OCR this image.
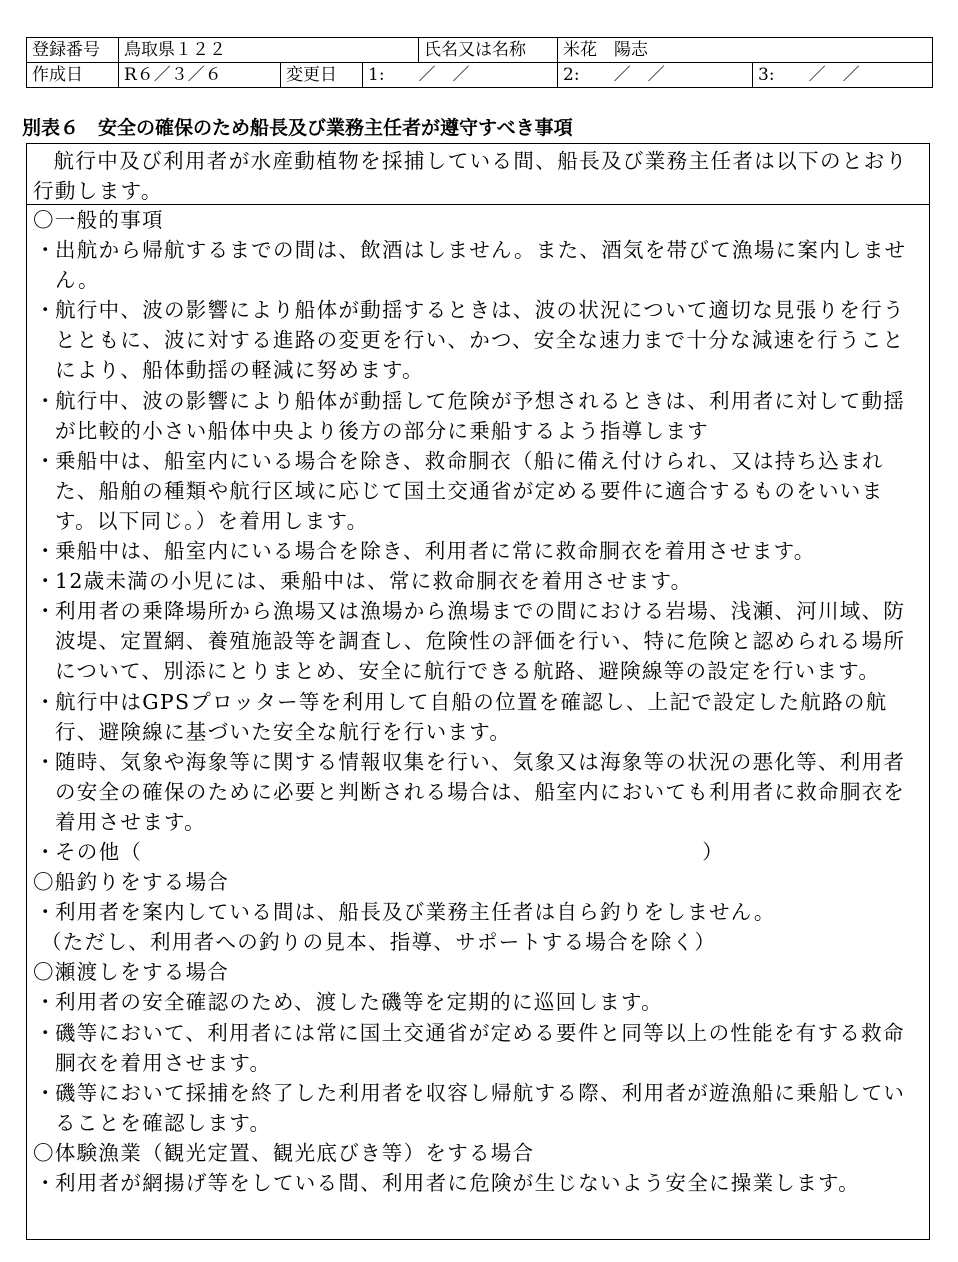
登録番号	鳥取県１２２			氏名又は名称	米花　陽志	
作成日	R６／３／６	変更日	1:　　／　／		2:　　／　／	3:　　／　／
別表６　安全の確保のため船長及び業務主任者が遵守すべき事項

航行中及び利用者が水産動植物を採捕している間、船長及び業務主任者は以下のとおり行動します。

〇一般的事項
・
出航から帰航するまでの間は、飲酒はしません。また、酒気を帯びて漁場に案内しません。
・
航行中、波の影響により船体が動揺するときは、波の状況について適切な見張りを行うとともに、波に対する進路の変更を行い、かつ、安全な速力まで十分な減速を行うことにより、船体動揺の軽減に努めます。
・
航行中、波の影響により船体が動揺して危険が予想されるときは、利用者に対して動揺が比較的小さい船体中央より後方の部分に乗船するよう指導します
・
乗船中は、船室内にいる場合を除き、救命胴衣（船に備え付けられ、又は持ち込まれた、船舶の種類や航行区域に応じて国土交通省が定める要件に適合するものをいいます。以下同じ。）を着用します。
・
乗船中は、船室内にいる場合を除き、利用者に常に救命胴衣を着用させます。
・
12歳未満の小児には、乗船中は、常に救命胴衣を着用させます。
・
利用者の乗降場所から漁場又は漁場から漁場までの間における岩場、浅瀬、河川域、防波堤、定置網、養殖施設等を調査し、危険性の評価を行い、特に危険と認められる場所について、別添にとりまとめ、安全に航行できる航路、避険線等の設定を行います。
・
航行中はGPSプロッター等を利用して自船の位置を確認し、上記で設定した航路の航行、避険線に基づいた安全な航行を行います。
・
随時、気象や海象等に関する情報収集を行い、気象又は海象等の状況の悪化等、利用者の安全の確保のために必要と判断される場合は、船室内においても利用者に救命胴衣を着用させます。
・
その他（	）
〇船釣りをする場合
・
利用者を案内している間は、船長及び業務主任者は自ら釣りをしません。
（ただし、利用者への釣りの見本、指導、サポートする場合を除く）
〇瀬渡しをする場合
・
利用者の安全確認のため、渡した磯等を定期的に巡回します。
・
磯等において、利用者には常に国土交通省が定める要件と同等以上の性能を有する救命胴衣を着用させます。
・
磯等において採捕を終了した利用者を収容し帰航する際、利用者が遊漁船に乗船していることを確認します。
〇体験漁業（観光定置、観光底びき等）をする場合
・
利用者が網揚げ等をしている間、利用者に危険が生じないよう安全に操業します。
